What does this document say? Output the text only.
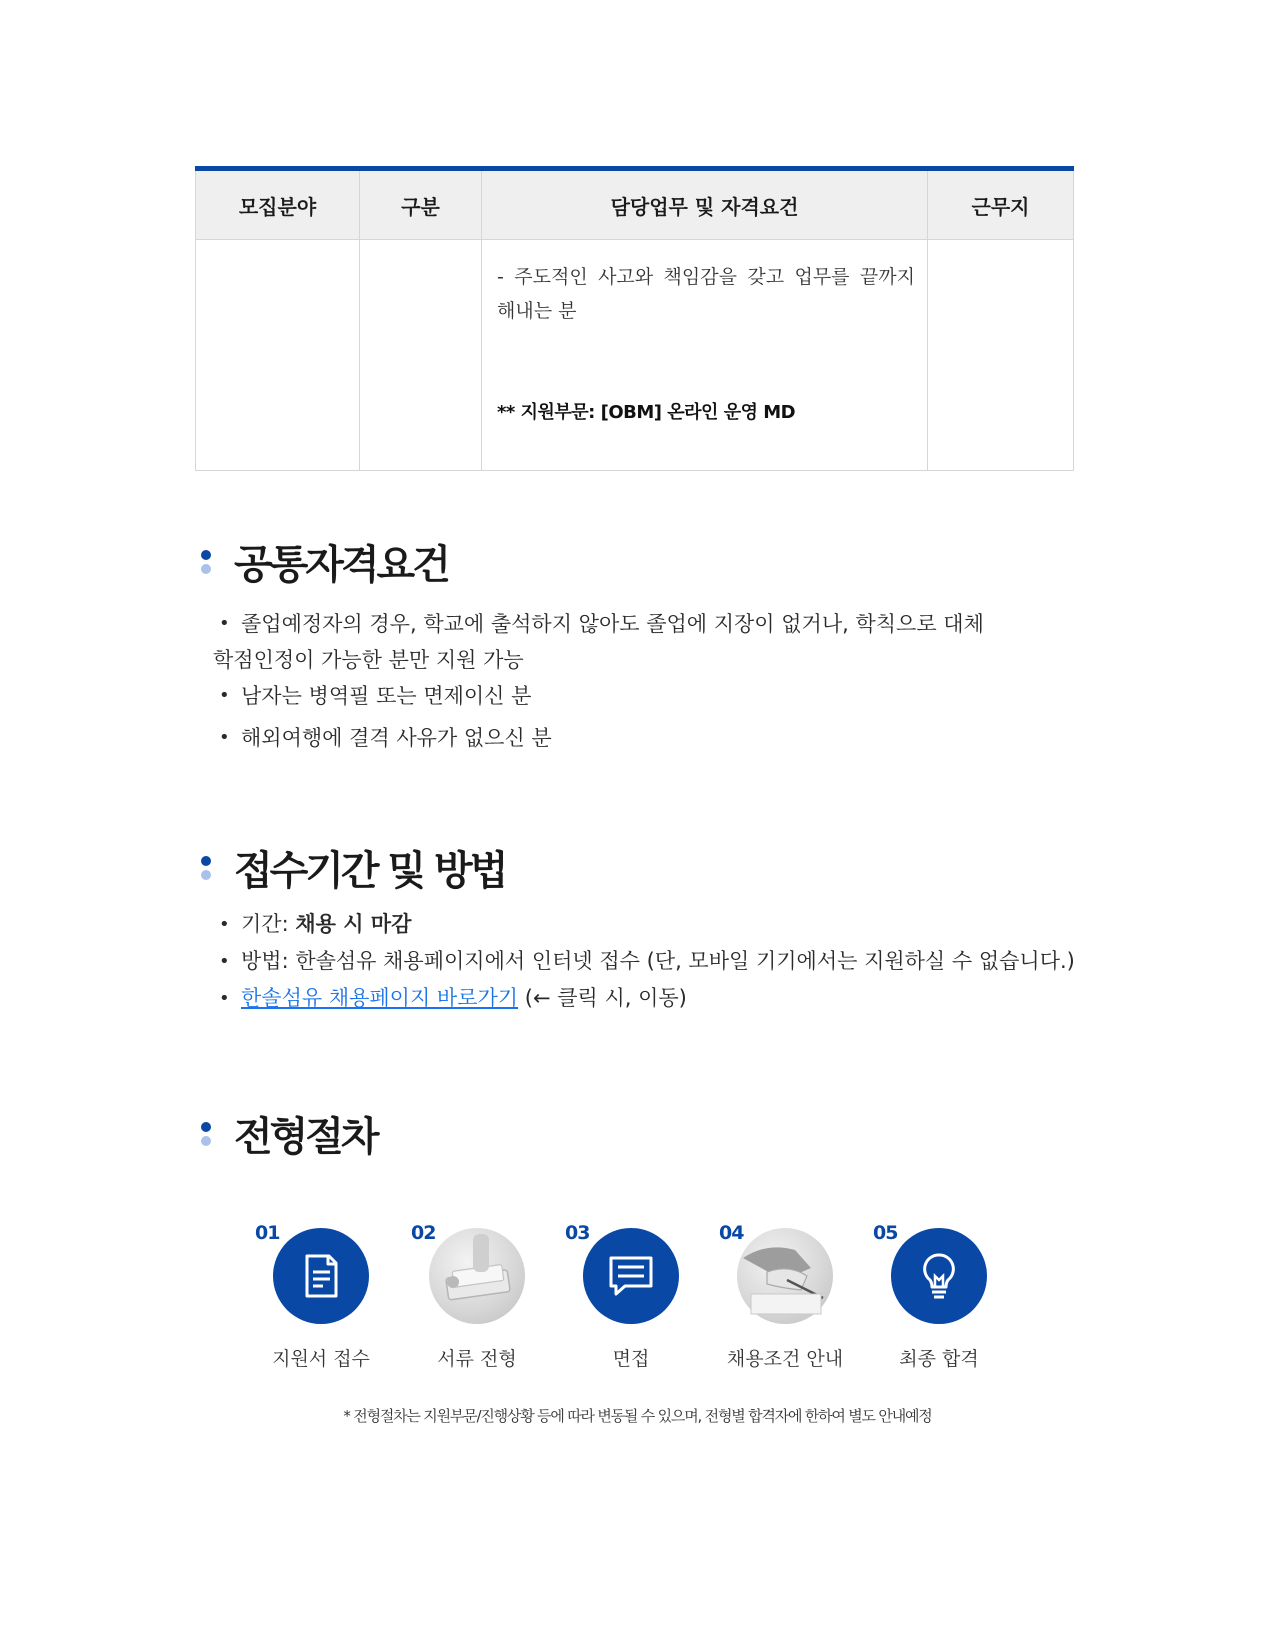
모집분야	구분	담당업무 및 자격요건	근무지

		- 주도적인 사고와 책임감을 갖고 업무를 끝까지
해내는 분
** 지원부문: [OBM] 온라인 운영 MD	

공통자격요건
• 졸업예정자의 경우, 학교에 출석하지 않아도 졸업에 지장이 없거나, 학칙으로 대체
학점인정이 가능한 분만 지원 가능
• 남자는 병역필 또는 면제이신 분
• 해외여행에 결격 사유가 없으신 분
접수기간 및 방법
• 기간: 채용 시 마감
• 방법: 한솔섬유 채용페이지에서 인터넷 접수 (단, 모바일 기기에서는 지원하실 수 없습니다.)
• 한솔섬유 채용페이지 바로가기 (← 클릭 시, 이동)
전형절차
01
지원서 접수
02
서류 전형
03
면접
04
채용조건 안내
05
최종 합격
* 전형절차는 지원부문/진행상황 등에 따라 변동될 수 있으며, 전형별 합격자에 한하여 별도 안내예정
